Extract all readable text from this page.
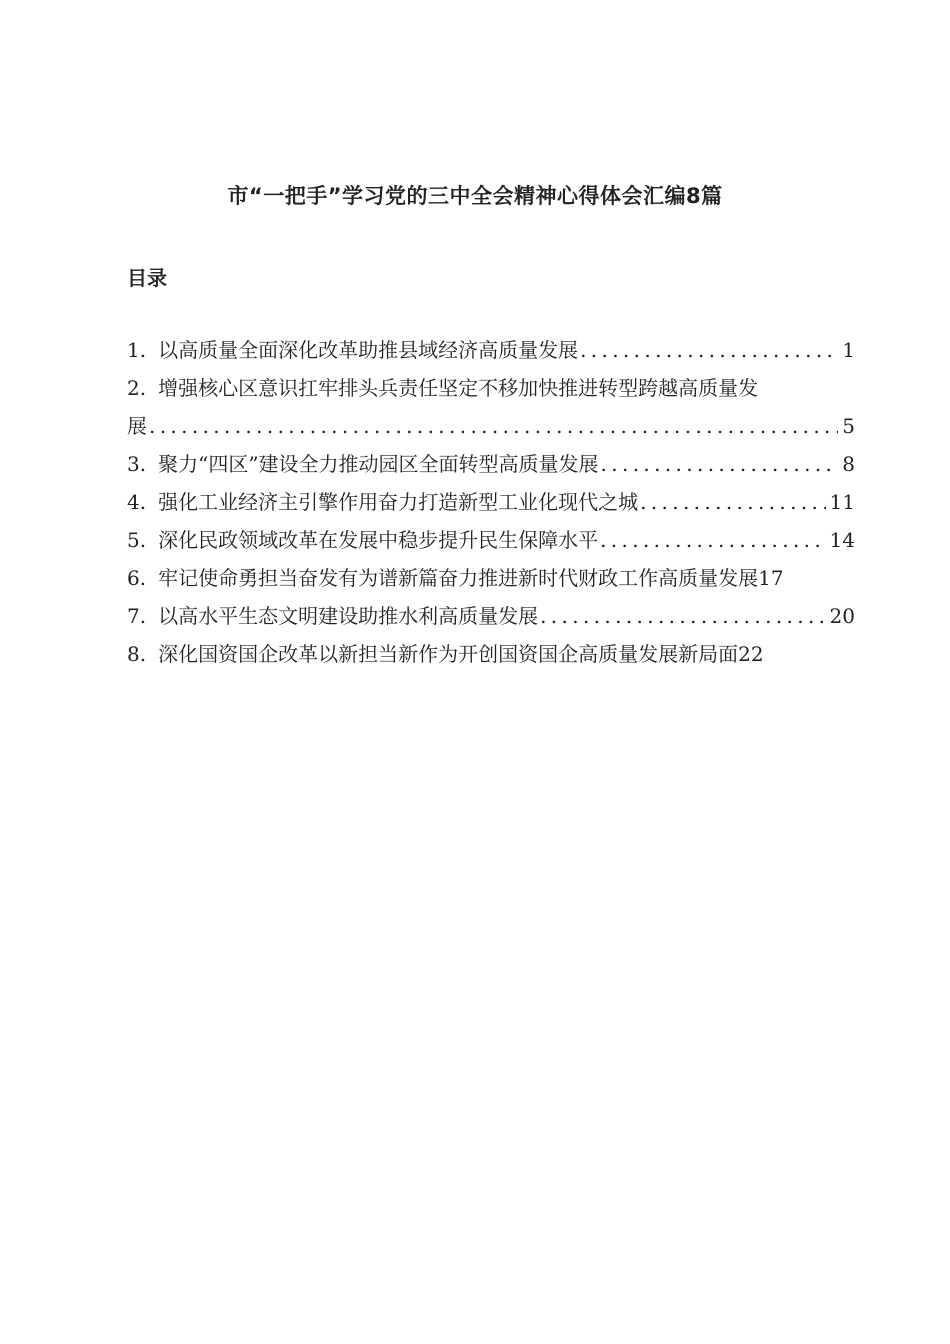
市“一把手”学习党的三中全会精神心得体会汇编8篇
目录
1. 以高质量全面深化改革助推县域经济高质量发展 . . .	1
2. 增强核心区意识扛牢排头兵责任坚定不移加快推进转型跨越高质量发
展 . . .	5
3. 聚力“四区”建设全力推动园区全面转型高质量发展 . . .	8
4. 强化工业经济主引擎作用奋力打造新型工业化现代之城 . . .	11
5. 深化民政领域改革在发展中稳步提升民生保障水平 . . .	14
6. 牢记使命勇担当奋发有为谱新篇奋力推进新时代财政工作高质量发展 17
7. 以高水平生态文明建设助推水利高质量发展 . . .	20
8. 深化国资国企改革以新担当新作为开创国资国企高质量发展新局面 22
